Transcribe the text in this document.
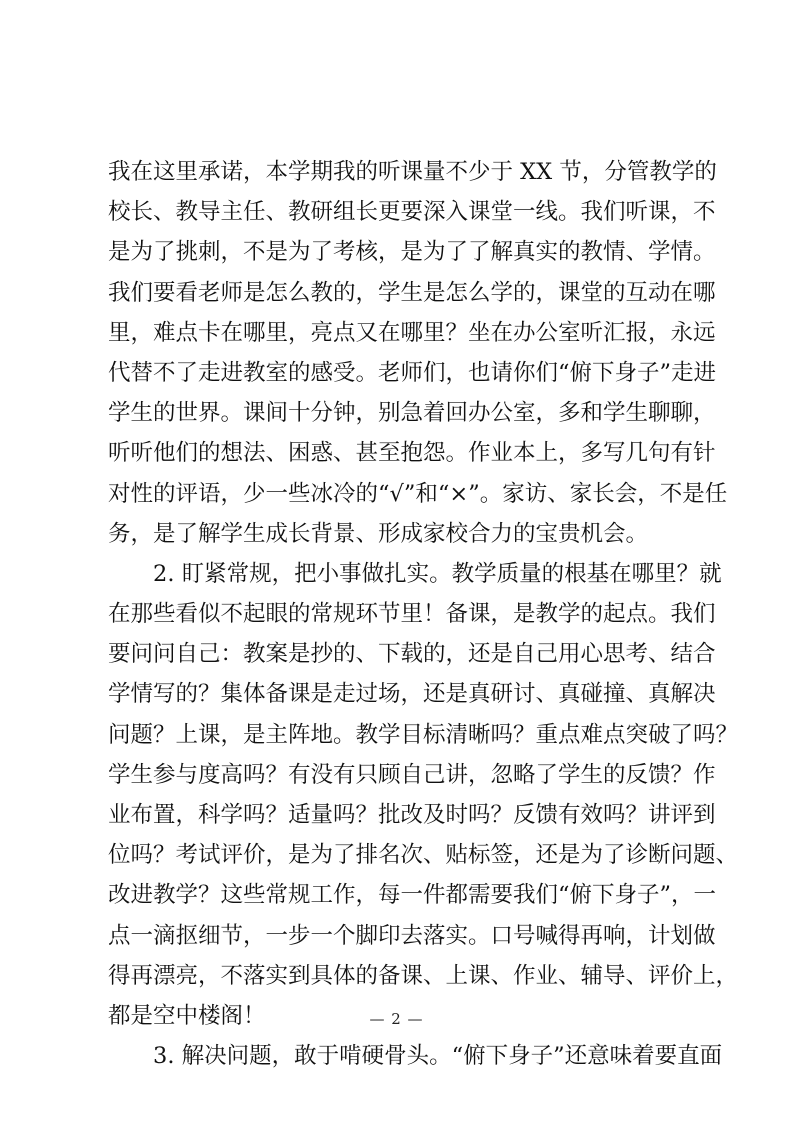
我在这里承诺，本学期我的听课量不少于 XX 节，分管教学的
校长、教导主任、教研组长更要深入课堂一线。我们听课，不
是为了挑刺，不是为了考核，是为了了解真实的教情、学情。
我们要看老师是怎么教的，学生是怎么学的，课堂的互动在哪
里，难点卡在哪里，亮点又在哪里？坐在办公室听汇报，永远
代替不了走进教室的感受。老师们，也请你们“俯下身子”走进
学生的世界。课间十分钟，别急着回办公室，多和学生聊聊，
听听他们的想法、困惑、甚至抱怨。作业本上，多写几句有针
对性的评语，少一些冰冷的“√”和“×”。家访、家长会，不是任
务，是了解学生成长背景、形成家校合力的宝贵机会。
　　2. 盯紧常规，把小事做扎实。教学质量的根基在哪里？就
在那些看似不起眼的常规环节里！备课，是教学的起点。我们
要问问自己：教案是抄的、下载的，还是自己用心思考、结合
学情写的？集体备课是走过场，还是真研讨、真碰撞、真解决
问题？上课，是主阵地。教学目标清晰吗？重点难点突破了吗？
学生参与度高吗？有没有只顾自己讲，忽略了学生的反馈？作
业布置，科学吗？适量吗？批改及时吗？反馈有效吗？讲评到
位吗？考试评价，是为了排名次、贴标签，还是为了诊断问题、
改进教学？这些常规工作，每一件都需要我们“俯下身子”，一
点一滴抠细节，一步一个脚印去落实。口号喊得再响，计划做
得再漂亮，不落实到具体的备课、上课、作业、辅导、评价上，
都是空中楼阁！
　　3. 解决问题，敢于啃硬骨头。“俯下身子”还意味着要直面
— 2 —
